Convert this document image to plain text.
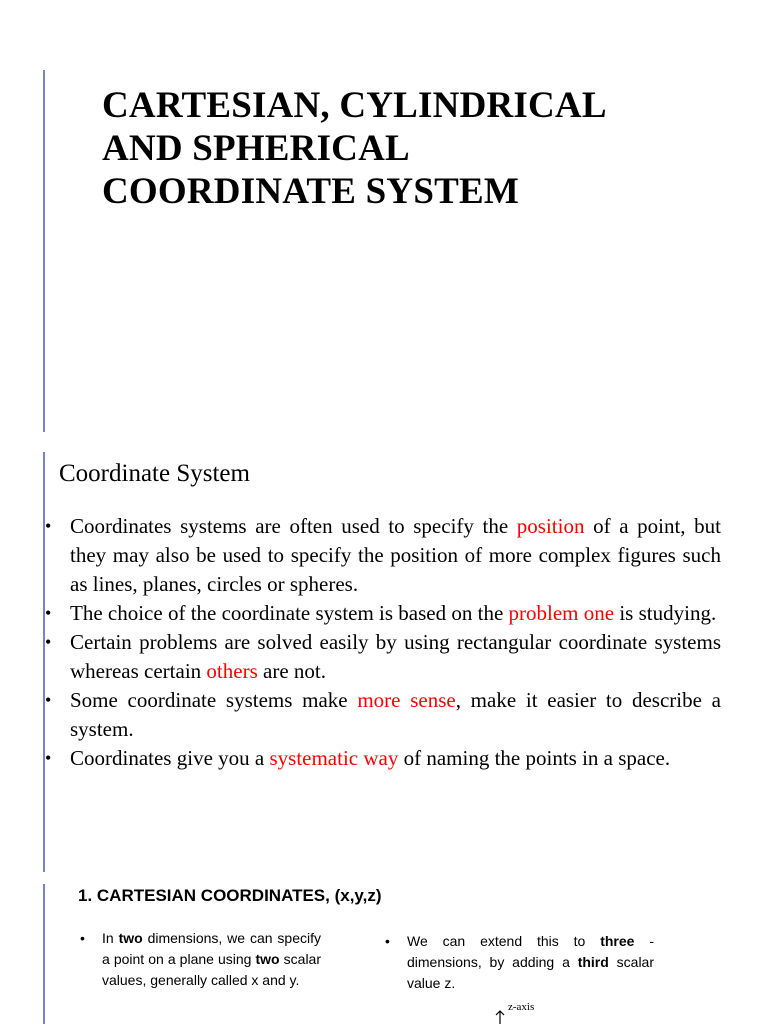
CARTESIAN, CYLINDRICAL
AND SPHERICAL
COORDINATE SYSTEM
Coordinate System
• Coordinates systems are often used to specify the position of a point, but they may also be used to specify the position of more complex figures such as lines, planes, circles or spheres.
• The choice of the coordinate system is based on the problem one is studying.
• Certain problems are solved easily by using rectangular coordinate systems whereas certain others are not.
• Some coordinate systems make more sense, make it easier to describe a system.
• Coordinates give you a systematic way of naming the points in a space.
1. CARTESIAN COORDINATES, (x,y,z)
• In two dimensions, we can specify a point on a plane using two scalar values, generally called x and y.
• We can extend this to three - dimensions, by adding a third scalar value z.
z-axis
